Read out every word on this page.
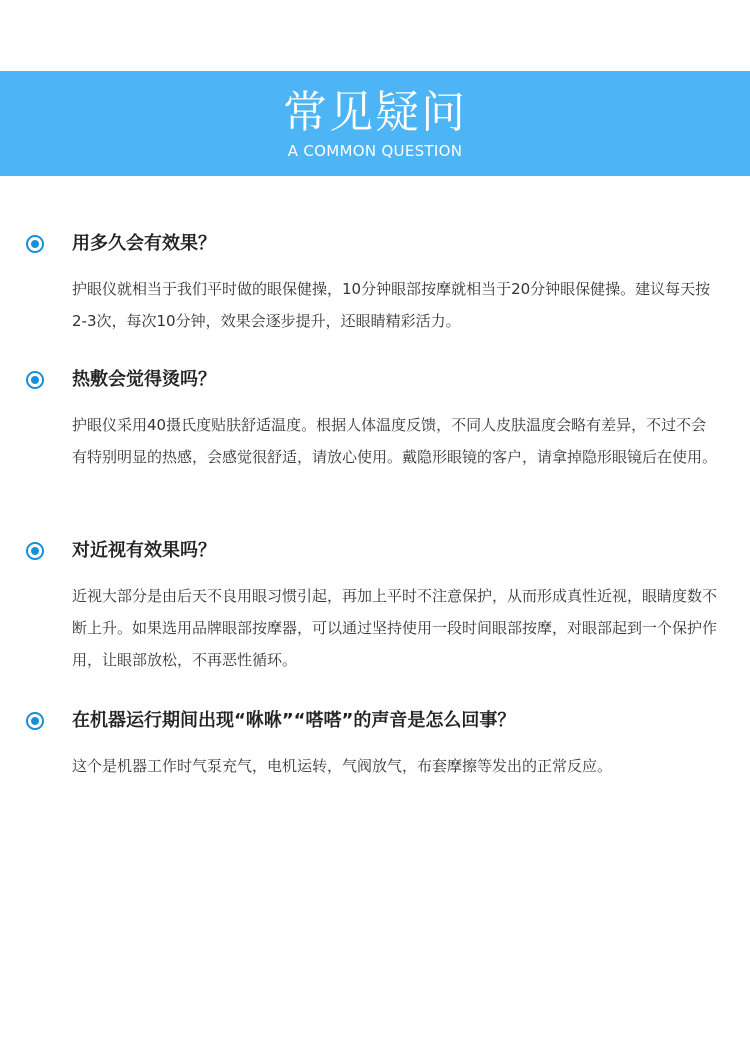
常见疑问
A COMMON QUESTION
用多久会有效果？
护眼仪就相当于我们平时做的眼保健操，10分钟眼部按摩就相当于20分钟眼保健操。建议每天按2-3次，每次10分钟，效果会逐步提升，还眼睛精彩活力。
热敷会觉得烫吗？
护眼仪采用40摄氏度贴肤舒适温度。根据人体温度反馈，不同人皮肤温度会略有差异，不过不会有特别明显的热感，会感觉很舒适，请放心使用。戴隐形眼镜的客户，请拿掉隐形眼镜后在使用。
对近视有效果吗？
近视大部分是由后天不良用眼习惯引起，再加上平时不注意保护，从而形成真性近视，眼睛度数不断上升。如果选用品牌眼部按摩器，可以通过坚持使用一段时间眼部按摩，对眼部起到一个保护作用，让眼部放松，不再恶性循环。
在机器运行期间出现“咻咻”“嗒嗒”的声音是怎么回事？
这个是机器工作时气泵充气，电机运转，气阀放气，布套摩擦等发出的正常反应。
